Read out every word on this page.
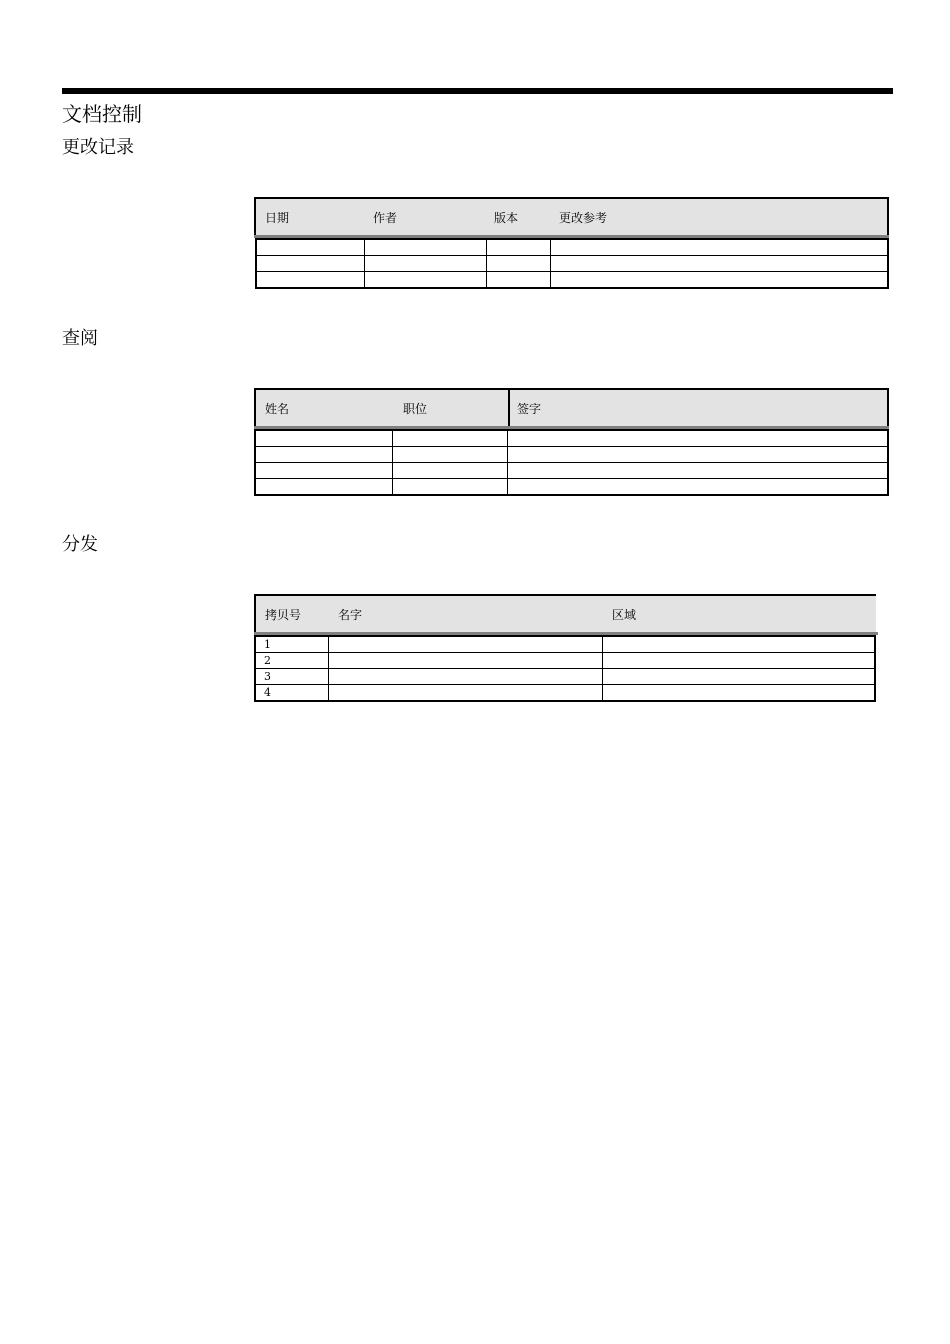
文档控制
更改记录
日期	作者	版本	更改参考

查阅
姓名	职位	签字

分发
拷贝号	名字	区域
1		
2		
3		
4		
